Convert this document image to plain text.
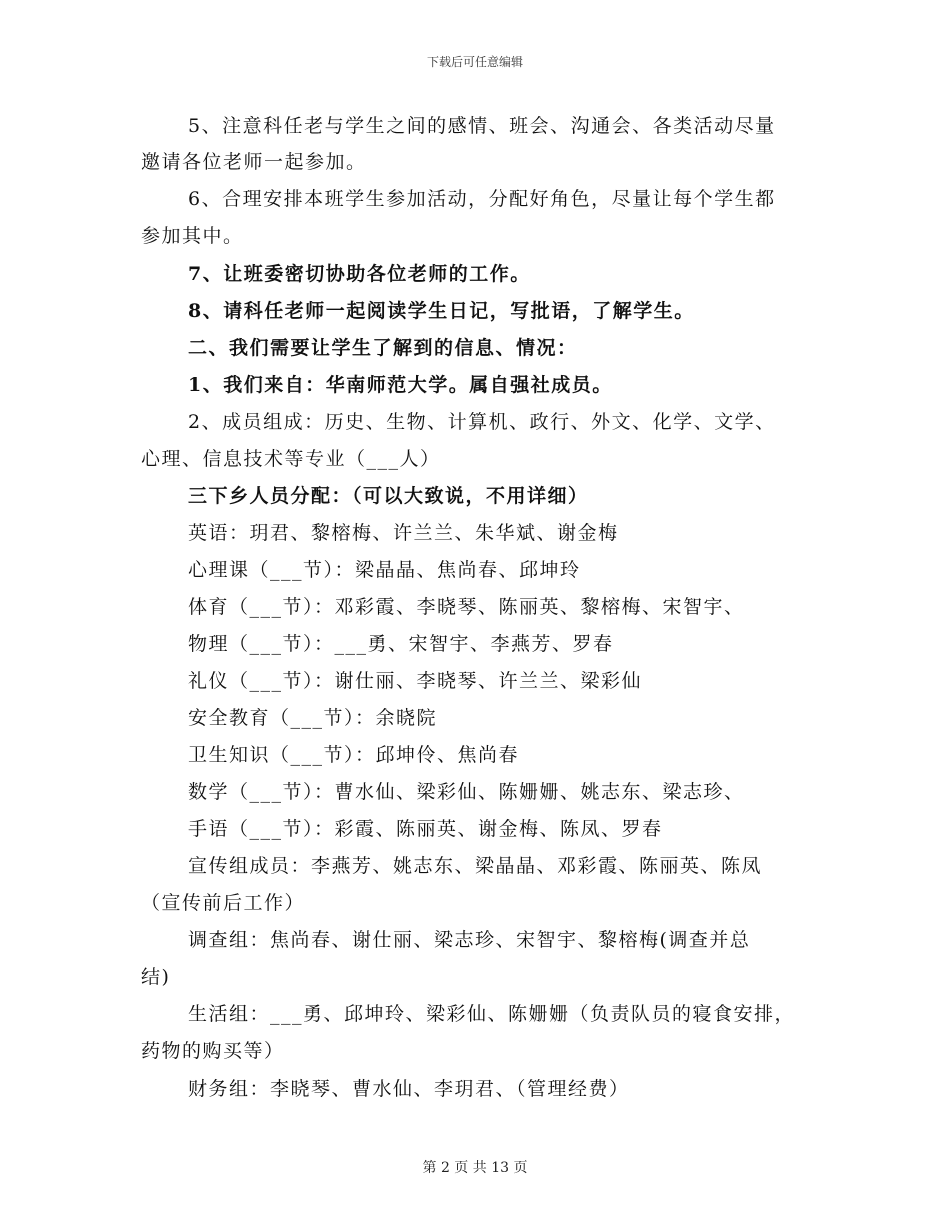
下载后可任意编辑
5、注意科任老与学生之间的感情、班会、沟通会、各类活动尽量
邀请各位老师一起参加。
6、合理安排本班学生参加活动，分配好角色，尽量让每个学生都
参加其中。
7、让班委密切协助各位老师的工作。
8、请科任老师一起阅读学生日记，写批语，了解学生。
二、我们需要让学生了解到的信息、情况：
1、我们来自：华南师范大学。属自强社成员。
2、成员组成：历史、生物、计算机、政行、外文、化学、文学、
心理、信息技术等专业（___人）
三下乡人员分配：（可以大致说，不用详细）
英语：玥君、黎榕梅、许兰兰、朱华斌、谢金梅
心理课（___节）：梁晶晶、焦尚春、邱坤玲
体育（___节）：邓彩霞、李晓琴、陈丽英、黎榕梅、宋智宇、
物理（___节）：___勇、宋智宇、李燕芳、罗春
礼仪（___节）：谢仕丽、李晓琴、许兰兰、梁彩仙
安全教育（___节）：余晓院
卫生知识（___节）：邱坤伶、焦尚春
数学（___节）：曹水仙、梁彩仙、陈姗姗、姚志东、梁志珍、
手语（___节）：彩霞、陈丽英、谢金梅、陈凤、罗春
宣传组成员：李燕芳、姚志东、梁晶晶、邓彩霞、陈丽英、陈凤
（宣传前后工作）
调查组：焦尚春、谢仕丽、梁志珍、宋智宇、黎榕梅(调查并总
结)
生活组：___勇、邱坤玲、梁彩仙、陈姗姗（负责队员的寝食安排，
药物的购买等）
财务组：李晓琴、曹水仙、李玥君、（管理经费）
第 2 页 共 13 页
